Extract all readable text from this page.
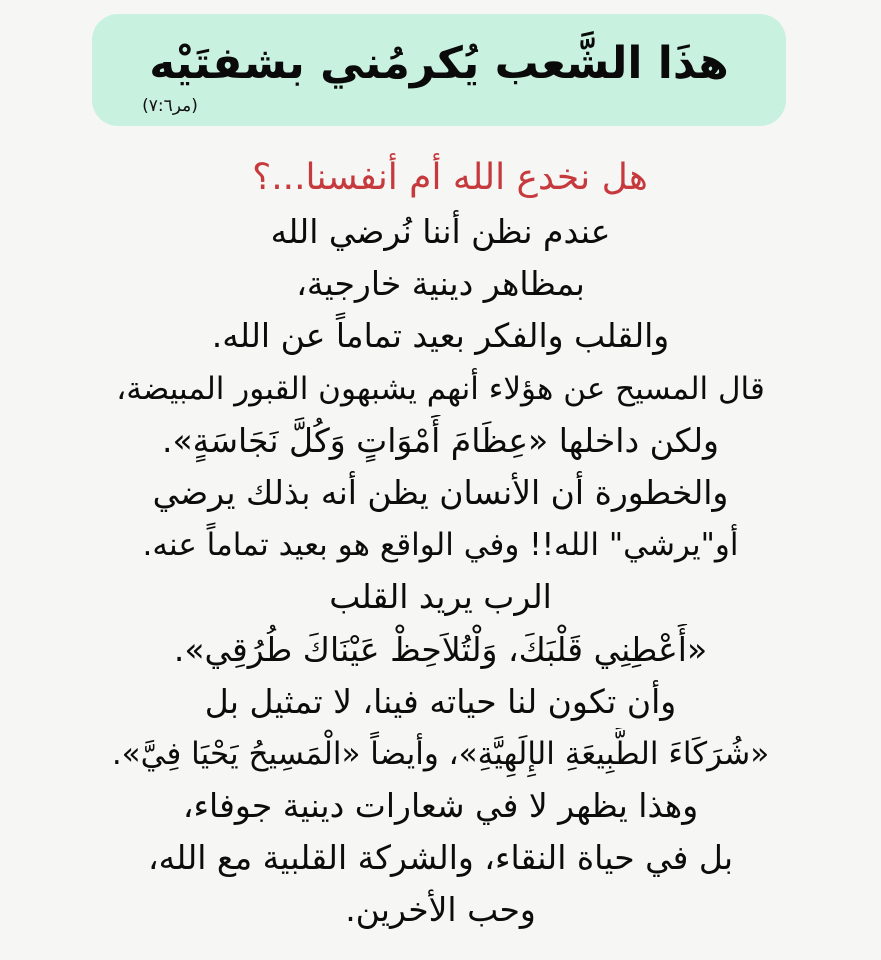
هذَا الشَّعب يُكرمُني بشفتَيْه
(مر٧:٦)
هل نخدع الله أم أنفسنا...؟
عندم نظن أننا نُرضي الله
بمظاهر دينية خارجية،
والقلب والفكر بعيد تماماً عن الله.
قال المسيح عن هؤلاء أنهم يشبهون القبور المبيضة،
ولكن داخلها «عِظَامَ أَمْوَاتٍ وَكُلَّ نَجَاسَةٍ».
والخطورة أن الأنسان يظن أنه بذلك يرضي
أو"يرشي" الله!! وفي الواقع هو بعيد تماماً عنه.
الرب يريد القلب
«أَعْطِنِي قَلْبَكَ، وَلْتُلاَحِظْ عَيْنَاكَ طُرُقِي».
وأن تكون لنا حياته فينا، لا تمثيل بل
«شُرَكَاءَ الطَّبِيعَةِ الإِلَهِيَّةِ»، وأيضاً «الْمَسِيحُ يَحْيَا فِيَّ».
وهذا يظهر لا في شعارات دينية جوفاء،
بل في حياة النقاء، والشركة القلبية مع الله،
وحب الأخرين.
